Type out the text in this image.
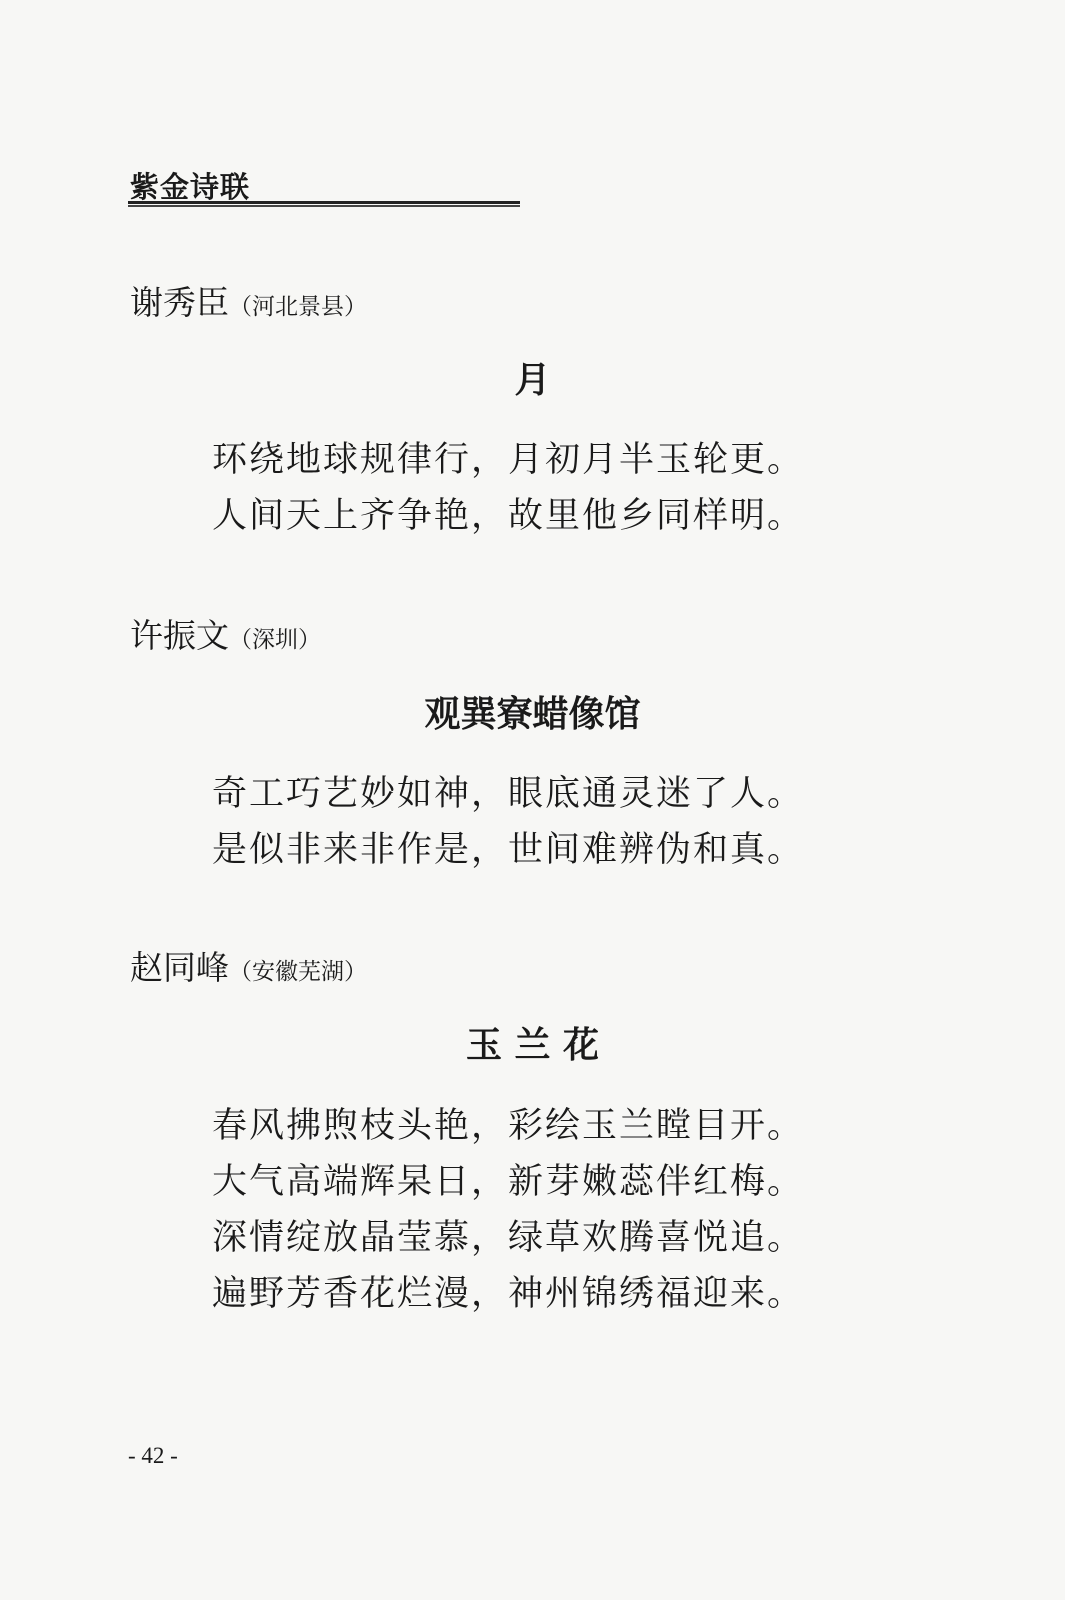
紫金诗联
谢秀臣（河北景县）
月
环绕地球规律行，月初月半玉轮更。
人间天上齐争艳，故里他乡同样明。
许振文（深圳）
观巽寮蜡像馆
奇工巧艺妙如神，眼底通灵迷了人。
是似非来非作是，世间难辨伪和真。
赵同峰（安徽芜湖）
玉 兰 花
春风拂煦枝头艳，彩绘玉兰瞠目开。
大气高端辉杲日，新芽嫩蕊伴红梅。
深情绽放晶莹慕，绿草欢腾喜悦追。
遍野芳香花烂漫，神州锦绣福迎来。
- 42 -
